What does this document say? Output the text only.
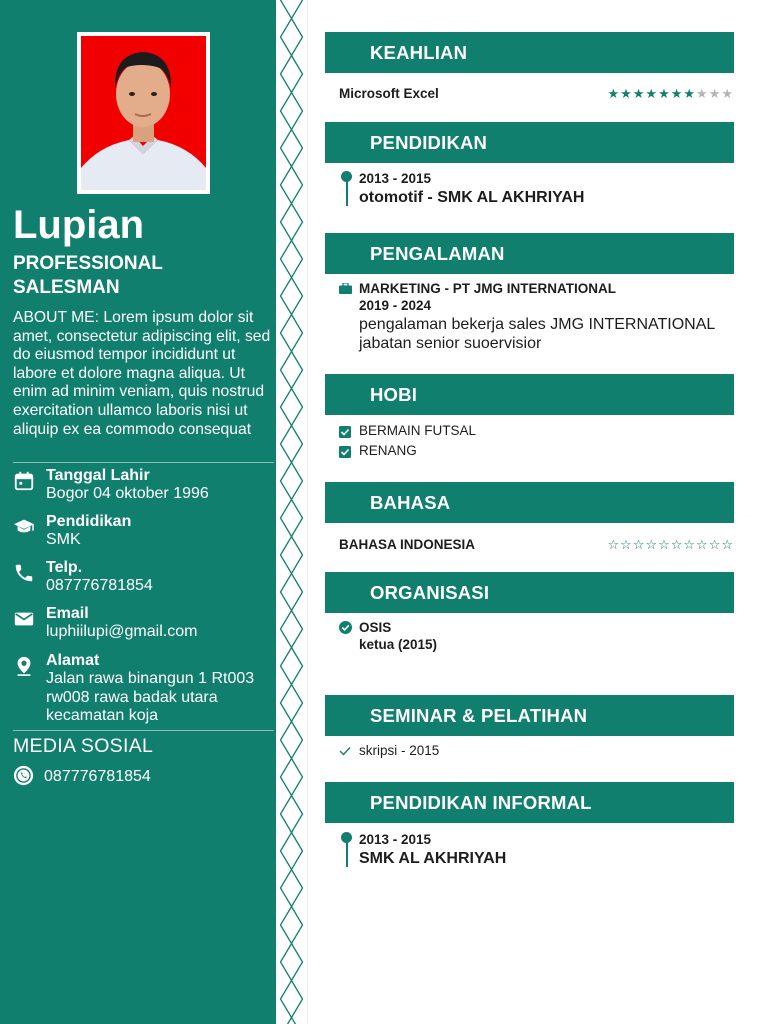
Lupian
PROFESSIONAL SALESMAN
ABOUT ME: Lorem ipsum dolor sit amet, consectetur adipiscing elit, sed do eiusmod tempor incididunt ut labore et dolore magna aliqua. Ut enim ad minim veniam, quis nostrud exercitation ullamco laboris nisi ut aliquip ex ea commodo consequat
Tanggal Lahir
Bogor 04 oktober 1996
Pendidikan
SMK
Telp.
087776781854
Email
luphiilupi@gmail.com
Alamat
Jalan rawa binangun 1 Rt003 rw008 rawa badak utara kecamatan koja
MEDIA SOSIAL
087776781854
KEAHLIAN
Microsoft Excel	★★★★★★★★★★
PENDIDIKAN
2013 - 2015
otomotif - SMK AL AKHRIYAH
PENGALAMAN
MARKETING - PT JMG INTERNATIONAL
2019 - 2024
pengalaman bekerja sales JMG INTERNATIONAL jabatan senior suoervisior
HOBI
BERMAIN FUTSAL
RENANG
BAHASA
BAHASA INDONESIA	☆☆☆☆☆☆☆☆☆☆
ORGANISASI
OSIS
ketua (2015)
SEMINAR & PELATIHAN
skripsi - 2015
PENDIDIKAN INFORMAL
2013 - 2015
SMK AL AKHRIYAH
